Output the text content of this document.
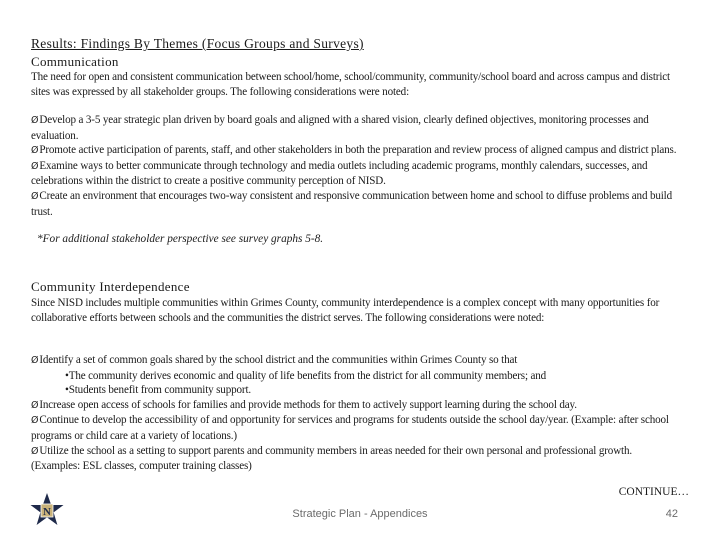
Results: Findings By Themes (Focus Groups and Surveys)
Communication
The need for open and consistent communication between school/home, school/community, community/school board and across campus and district sites was expressed by all stakeholder groups. The following considerations were noted:

ØDevelop a 3-5 year strategic plan driven by board goals and aligned with a shared vision, clearly defined objectives, monitoring processes and evaluation.

ØPromote active participation of parents, staff, and other stakeholders in both the preparation and review process of aligned campus and district plans.

ØExamine ways to better communicate through technology and media outlets including academic programs, monthly calendars, successes, and celebrations within the district to create a positive community perception of NISD.

ØCreate an environment that encourages two-way consistent and responsive communication between home and school to diffuse problems and build trust.

*For additional stakeholder perspective see survey graphs 5-8.
Community Interdependence
Since NISD includes multiple communities within Grimes County, community interdependence is a complex concept with many opportunities for collaborative efforts between schools and the communities the district serves. The following considerations were noted:

ØIdentify a set of common goals shared by the school district and the communities within Grimes County so that

•The community derives economic and quality of life benefits from the district for all community members; and

•Students benefit from community support.

ØIncrease open access of schools for families and provide methods for them to actively support learning during the school day.

ØContinue to develop the accessibility of and opportunity for services and programs for students outside the school day/year. (Example: after school programs or child care at a variety of locations.)

ØUtilize the school as a setting to support parents and community members in areas needed for their own personal and professional growth. (Examples: ESL classes, computer training classes)

CONTINUE…
N	Strategic Plan - Appendices	42
